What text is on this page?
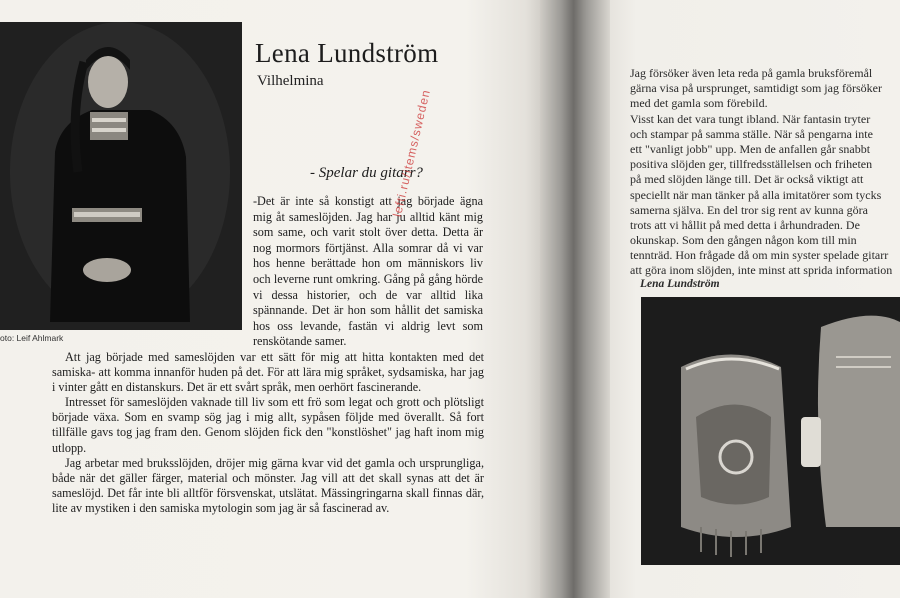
oto: Leif Ahlmark
Lena Lundström
Vilhelmina
- Spelar du gitarr?

-Det är inte så konstigt att jag började ägna mig åt sameslöjden. Jag har ju alltid känt mig som same, och varit stolt över detta. Detta är nog mormors förtjänst. Alla somrar då vi var hos henne berättade hon om människors liv och leverne runt omkring. Gång på gång hörde vi dessa historier, och de var alltid lika spännande. Det är hon som hållit det samiska hos oss levande, fastän vi aldrig levt som renskötande samer.

Att jag började med sameslöjden var ett sätt för mig att hitta kontakten med det samiska- att komma innanför huden på det. För att lära mig språket, sydsamiska, har jag i vinter gått en distanskurs. Det är ett svårt språk, men oerhört fascinerande.

Intresset för sameslöjden vaknade till liv som ett frö som legat och grott och plötsligt började växa. Som en svamp sög jag i mig allt, sypåsen följde med överallt. Så fort tillfälle gavs tog jag fram den. Genom slöjden fick den "konstlöshet" jag haft inom mig utlopp.

Jag arbetar med bruksslöjden, dröjer mig gärna kvar vid det gamla och ursprungliga, både när det gäller färger, material och mönster. Jag vill att det skall synas att det är sameslöjd. Det får inte bli alltför försvenskat, utslätat. Mässingringarna skall finnas där, lite av mystiken i den samiska mytologin som jag är så fascinerad av.

lefti.ru/items/sweden
Jag försöker även leta reda på gamla bruksföremål
gärna visa på ursprunget, samtidigt som jag försöker
med det gamla som förebild.
Visst kan det vara tungt ibland. När fantasin tryter
och stampar på samma ställe. När så pengarna inte
ett "vanligt jobb" upp. Men de anfallen går snabbt
positiva slöjden ger, tillfredsställelsen och friheten
på med slöjden länge till. Det är också viktigt att
speciellt när man tänker på alla imitatörer som tycks
samerna själva. En del tror sig rent av kunna göra
trots att vi hållit på med detta i århundraden. De
okunskap. Som den gången någon kom till min
tennträd. Hon frågade då om min syster spelade gitarr
att göra inom slöjden, inte minst att sprida information
Lena Lundström
